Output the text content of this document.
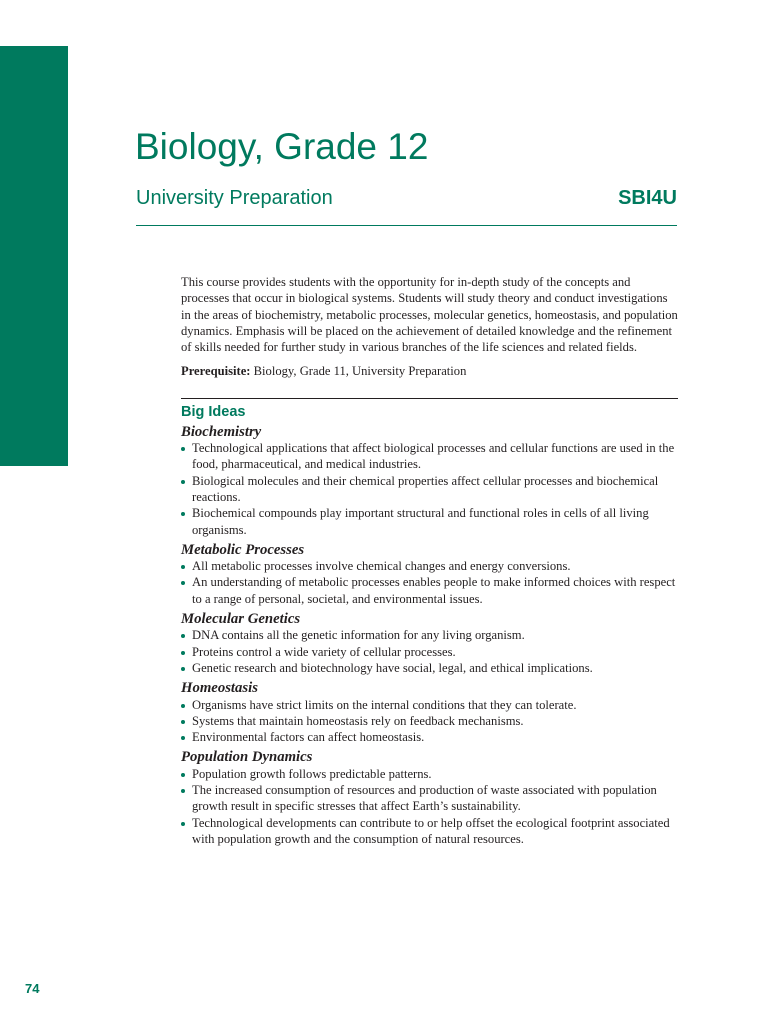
Biology, Grade 12
University Preparation	SBI4U

This course provides students with the opportunity for in-depth study of the concepts and processes that occur in biological systems. Students will study theory and conduct investigations in the areas of biochemistry, metabolic processes, molecular genetics, homeostasis, and population dynamics. Emphasis will be placed on the achievement of detailed knowledge and the refinement of skills needed for further study in various branches of the life sciences and related fields.

Prerequisite: Biology, Grade 11, University Preparation

Big Ideas
Biochemistry
Technological applications that affect biological processes and cellular functions are used in the food, pharmaceutical, and medical industries.
Biological molecules and their chemical properties affect cellular processes and biochemical reactions.
Biochemical compounds play important structural and functional roles in cells of all living organisms.
Metabolic Processes
All metabolic processes involve chemical changes and energy conversions.
An understanding of metabolic processes enables people to make informed choices with respect to a range of personal, societal, and environmental issues.
Molecular Genetics
DNA contains all the genetic information for any living organism.
Proteins control a wide variety of cellular processes.
Genetic research and biotechnology have social, legal, and ethical implications.
Homeostasis
Organisms have strict limits on the internal conditions that they can tolerate.
Systems that maintain homeostasis rely on feedback mechanisms.
Environmental factors can affect homeostasis.
Population Dynamics
Population growth follows predictable patterns.
The increased consumption of resources and production of waste associated with population growth result in specific stresses that affect Earth’s sustainability.
Technological developments can contribute to or help offset the ecological footprint associated with population growth and the consumption of natural resources.
74
